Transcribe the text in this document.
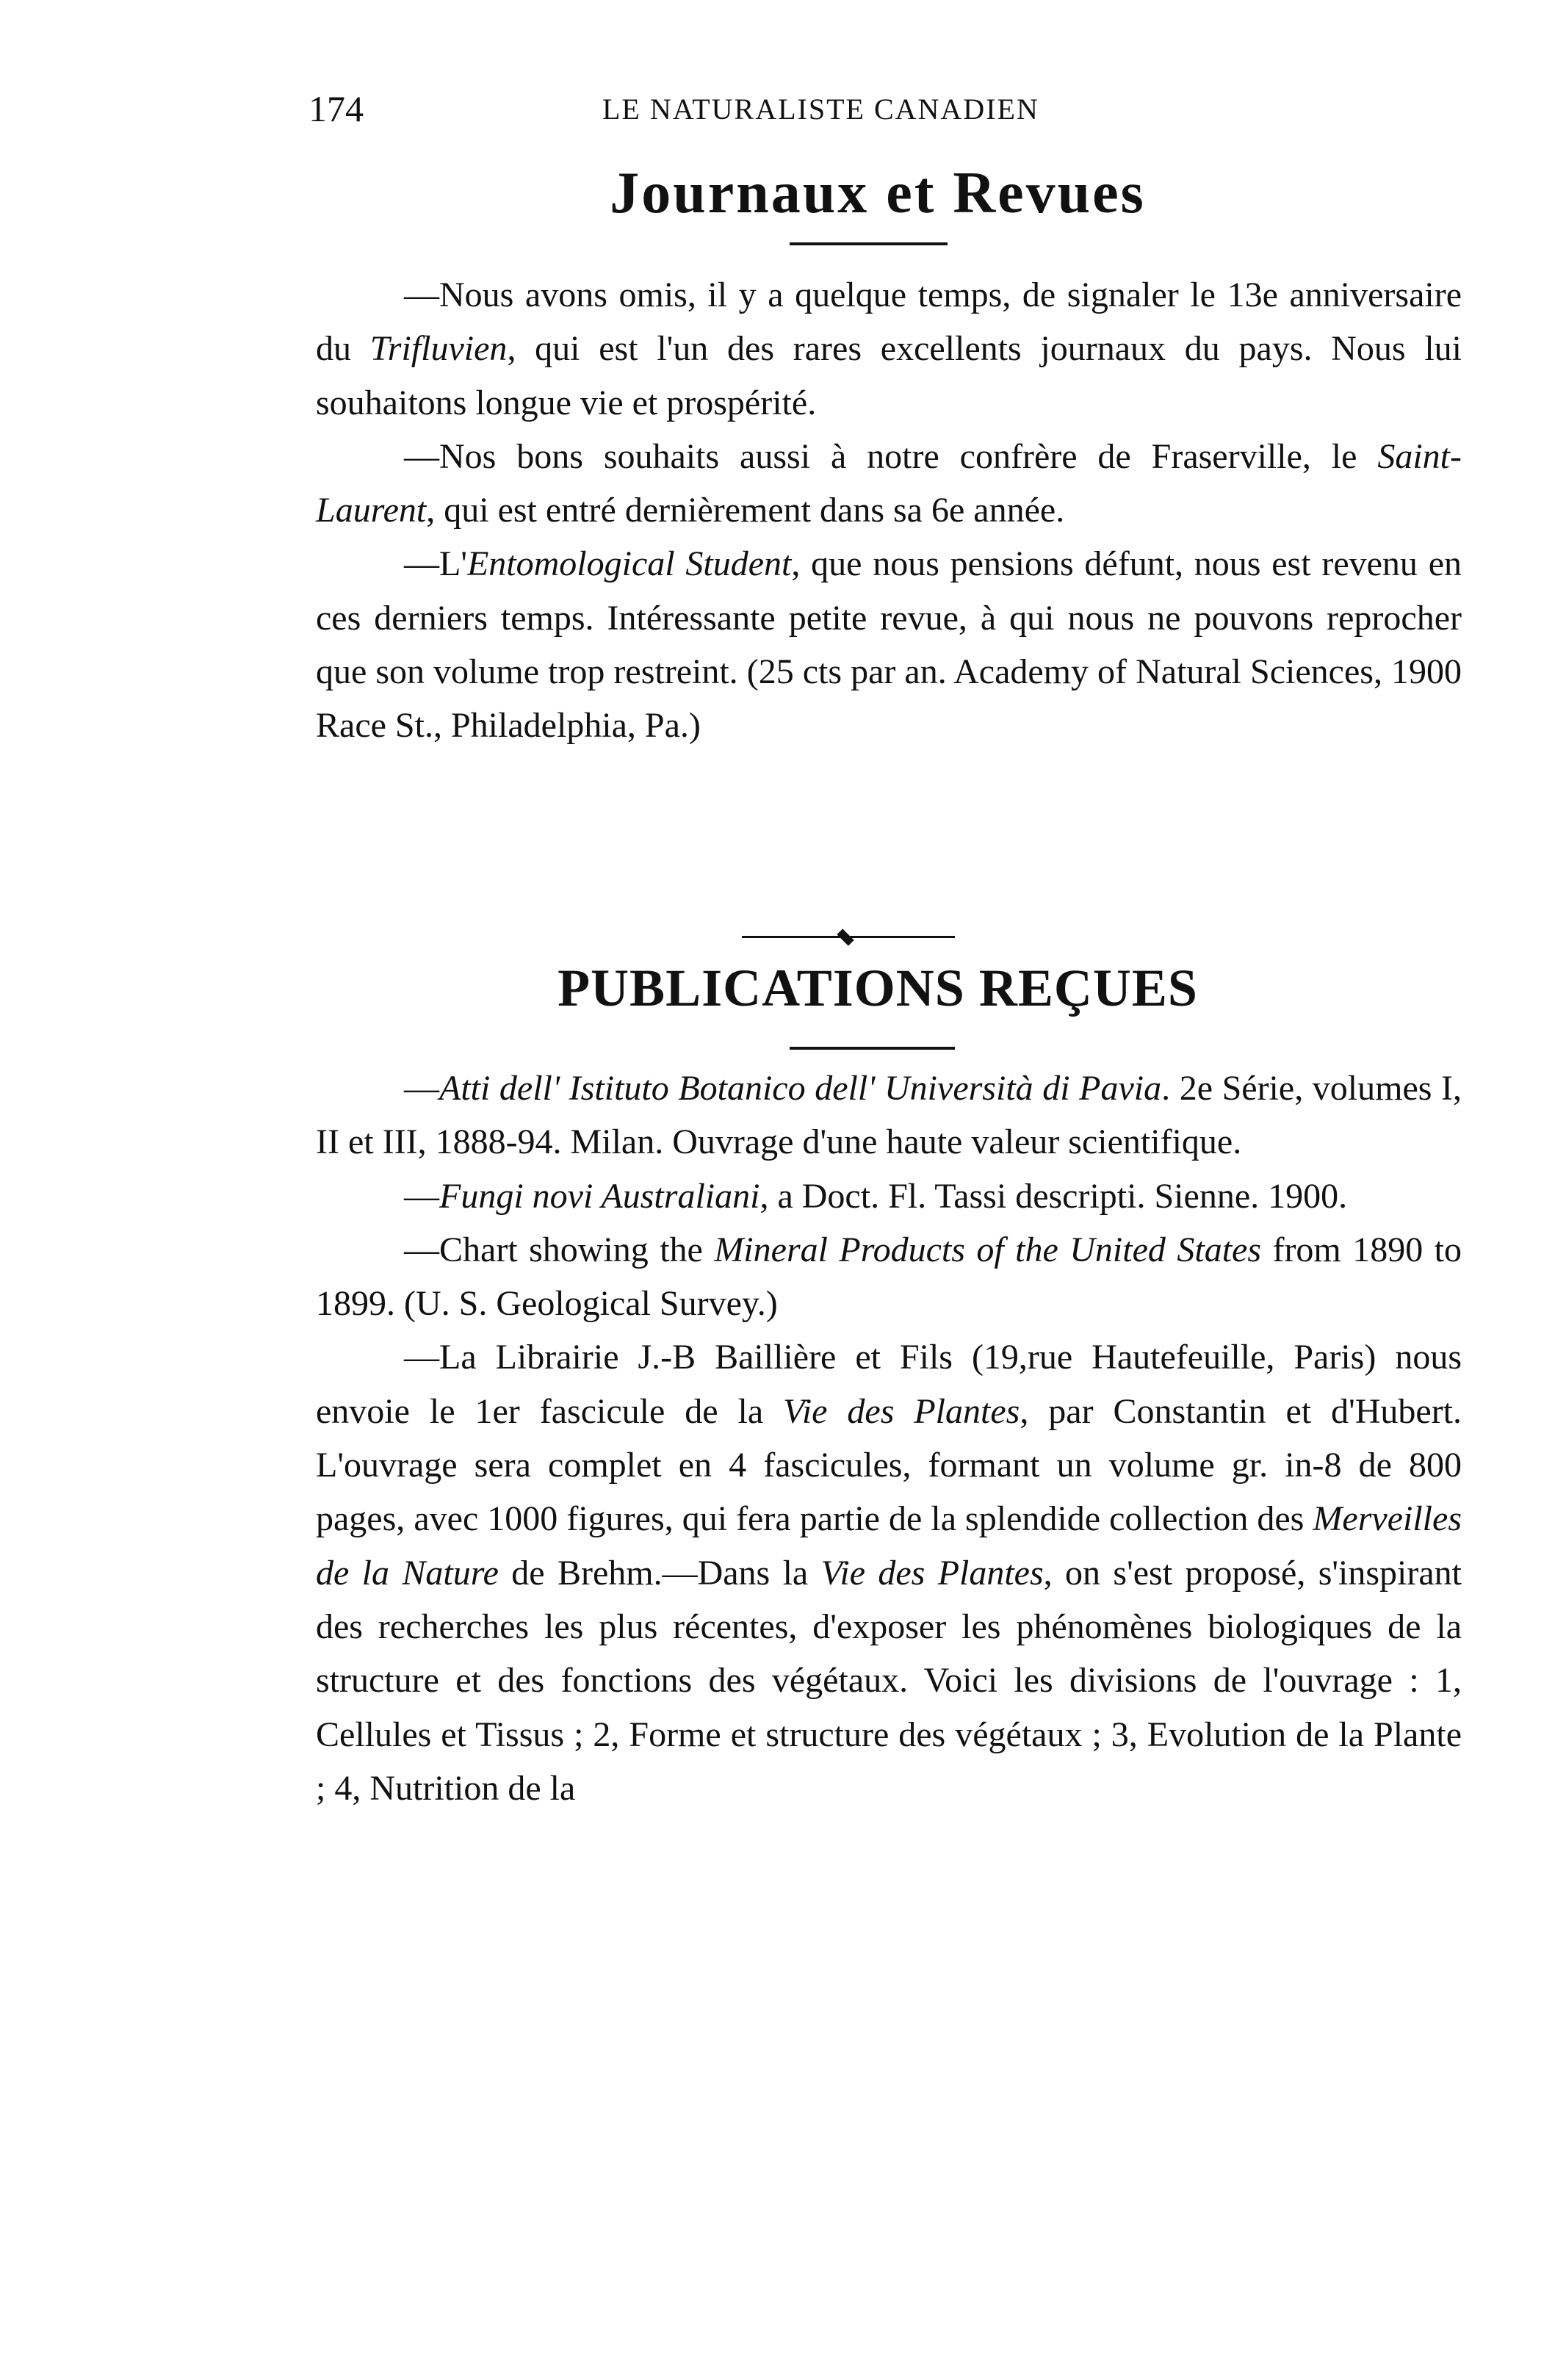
174	LE NATURALISTE CANADIEN
Journaux et Revues

—Nous avons omis, il y a quelque temps, de signaler le 13e anniversaire du Trifluvien, qui est l'un des rares excellents journaux du pays. Nous lui souhaitons longue vie et prospérité.

—Nos bons souhaits aussi à notre confrère de Fraserville, le Saint-Laurent, qui est entré dernièrement dans sa 6e année.

—L'Entomological Student, que nous pensions défunt, nous est revenu en ces derniers temps. Intéressante petite revue, à qui nous ne pouvons reprocher que son volume trop restreint. (25 cts par an. Academy of Natural Sciences, 1900 Race St., Philadelphia, Pa.)

PUBLICATIONS REÇUES

—Atti dell' Istituto Botanico dell' Università di Pavia. 2e Série, volumes I, II et III, 1888-94. Milan. Ouvrage d'une haute valeur scientifique.

—Fungi novi Australiani, a Doct. Fl. Tassi descripti. Sienne. 1900.

—Chart showing the Mineral Products of the United States from 1890 to 1899. (U. S. Geological Survey.)

—La Librairie J.-B Baillière et Fils (19,rue Hautefeuille, Paris) nous envoie le 1er fascicule de la Vie des Plantes, par Constantin et d'Hubert. L'ouvrage sera complet en 4 fascicules, formant un volume gr. in-8 de 800 pages, avec 1000 figures, qui fera partie de la splendide collection des Merveilles de la Nature de Brehm.—Dans la Vie des Plantes, on s'est proposé, s'inspirant des recherches les plus récentes, d'exposer les phénomènes biologiques de la structure et des fonctions des végétaux. Voici les divisions de l'ouvrage : 1, Cellules et Tissus ; 2, Forme et structure des végétaux ; 3, Evolution de la Plante ; 4, Nutrition de la
